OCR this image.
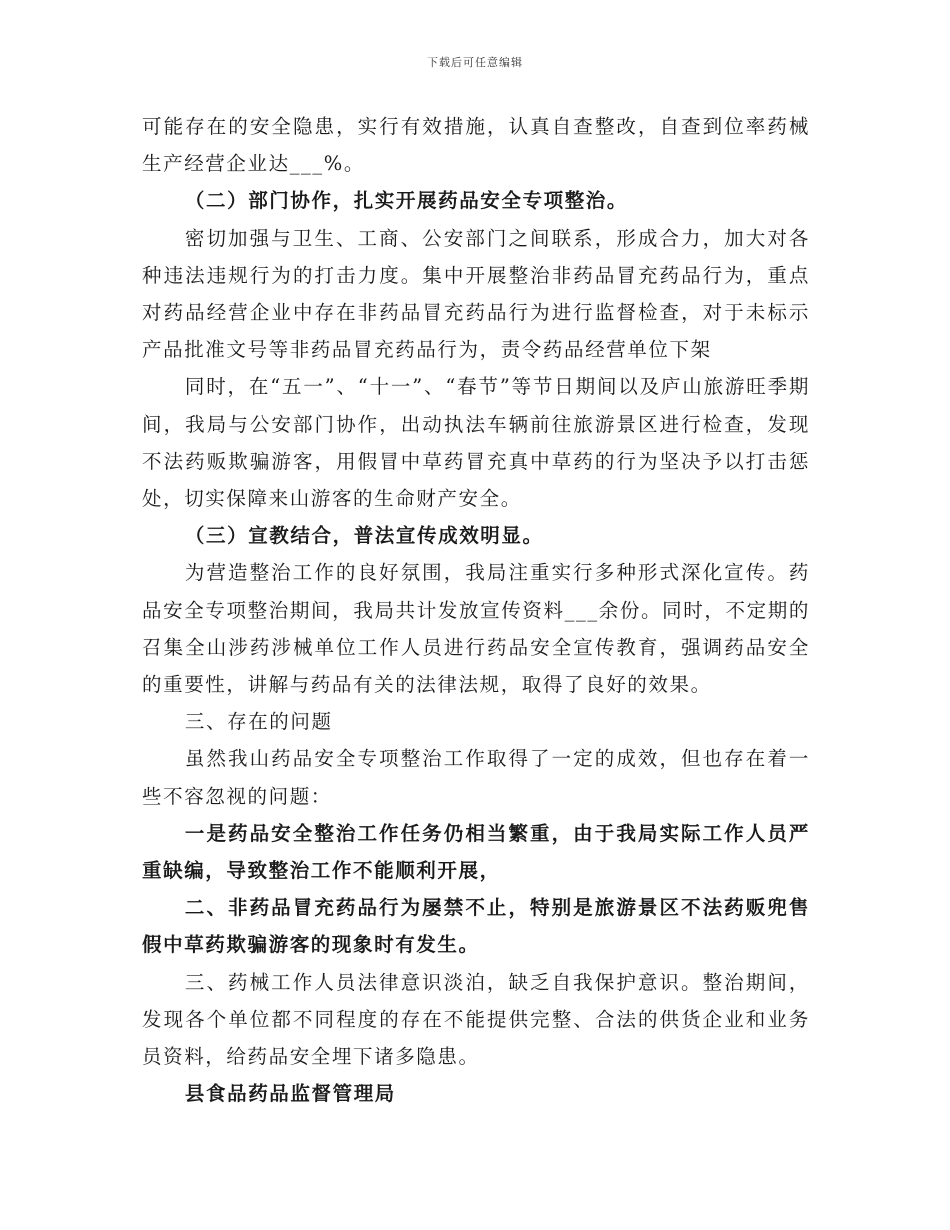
下载后可任意编辑

可能存在的安全隐患，实行有效措施，认真自查整改，自查到位率药械生产经营企业达___%。

（二）部门协作，扎实开展药品安全专项整治。

密切加强与卫生、工商、公安部门之间联系，形成合力，加大对各种违法违规行为的打击力度。集中开展整治非药品冒充药品行为，重点对药品经营企业中存在非药品冒充药品行为进行监督检查，对于未标示产品批准文号等非药品冒充药品行为，责令药品经营单位下架

同时，在“五一”、“十一”、“春节”等节日期间以及庐山旅游旺季期间，我局与公安部门协作，出动执法车辆前往旅游景区进行检查，发现不法药贩欺骗游客，用假冒中草药冒充真中草药的行为坚决予以打击惩处，切实保障来山游客的生命财产安全。

（三）宣教结合，普法宣传成效明显。

为营造整治工作的良好氛围，我局注重实行多种形式深化宣传。药品安全专项整治期间，我局共计发放宣传资料___余份。同时，不定期的召集全山涉药涉械单位工作人员进行药品安全宣传教育，强调药品安全的重要性，讲解与药品有关的法律法规，取得了良好的效果。

三、存在的问题

虽然我山药品安全专项整治工作取得了一定的成效，但也存在着一些不容忽视的问题：

一是药品安全整治工作任务仍相当繁重，由于我局实际工作人员严重缺编，导致整治工作不能顺利开展，

二、非药品冒充药品行为屡禁不止，特别是旅游景区不法药贩兜售假中草药欺骗游客的现象时有发生。

三、药械工作人员法律意识淡泊，缺乏自我保护意识。整治期间，发现各个单位都不同程度的存在不能提供完整、合法的供货企业和业务员资料，给药品安全埋下诸多隐患。

县食品药品监督管理局
